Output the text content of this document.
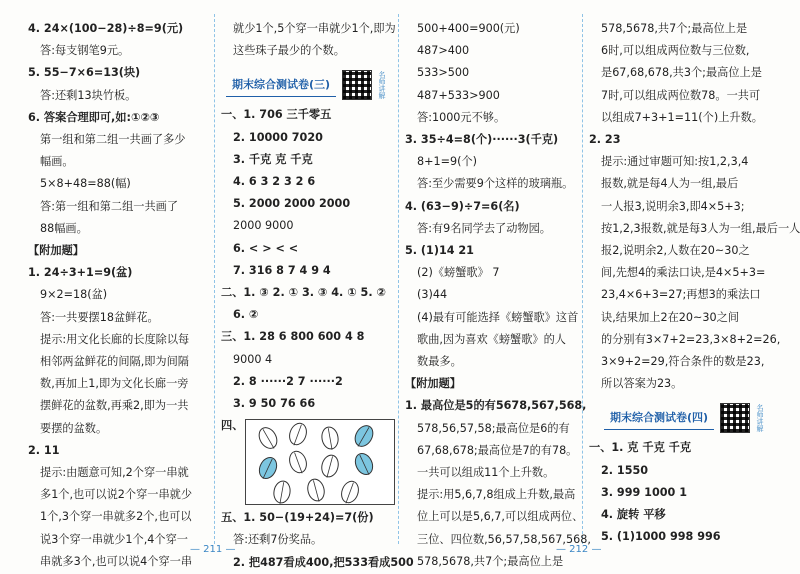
4. 24×(100−28)÷8=9(元)

答:每支钢笔9元。

5. 55−7×6=13(块)

答:还剩13块竹板。

6. 答案合理即可,如:①②③

第一组和第二组一共画了多少

幅画。

5×8+48=88(幅)

答:第一组和第二组一共画了

88幅画。

【附加题】

1. 24÷3+1=9(盆)

9×2=18(盆)

答:一共要摆18盆鲜花。

提示:用文化长廊的长度除以每

相邻两盆鲜花的间隔,即为间隔

数,再加上1,即为文化长廊一旁

摆鲜花的盆数,再乘2,即为一共

要摆的盆数。

2. 11

提示:由题意可知,2个穿一串就

多1个,也可以说2个穿一串就少

1个,3个穿一串就多2个,也可以

说3个穿一串就少1个,4个穿一

串就多3个,也可以说4个穿一串

就少1个,5个穿一串就少1个,即为

这些珠子最少的个数。

期末综合测试卷(三)	名师讲解

一、1. 706 三千零五

2. 10000 7020

3. 千克 克 千克

4. 6 3 2 3 2 6

5. 2000 2000 2000

2000 9000

6. < > < <

7. 316 8 7 4 9 4

二、1. ③ 2. ① 3. ③ 4. ① 5. ②

6. ②

三、1. 28 6 800 600 4 8

9000 4

2. 8 ······2 7 ······2

3. 9 50 76 66

四、

五、1. 50−(19+24)=7(份)

答:还剩7份奖品。

2. 把487看成400,把533看成500

500+400=900(元)

487>400

533>500

487+533>900

答:1000元不够。

3. 35÷4=8(个)······3(千克)

8+1=9(个)

答:至少需要9个这样的玻璃瓶。

4. (63−9)÷7=6(名)

答:有9名同学去了动物园。

5. (1)14 21

(2)《螃蟹歌》 7

(3)44

(4)最有可能选择《螃蟹歌》这首

歌曲,因为喜欢《螃蟹歌》的人

数最多。

【附加题】

1. 最高位是5的有5678,567,568,

578,56,57,58;最高位是6的有

67,68,678;最高位是7的有78。

一共可以组成11个上升数。

提示:用5,6,7,8组成上升数,最高

位上可以是5,6,7,可以组成两位、

三位、四位数,56,57,58,567,568,

578,5678,共7个;最高位上是

578,5678,共7个;最高位上是

6时,可以组成两位数与三位数,

是67,68,678,共3个;最高位上是

7时,可以组成两位数78。一共可

以组成7+3+1=11(个)上升数。

2. 23

提示:通过审题可知:按1,2,3,4

报数,就是每4人为一组,最后

一人报3,说明余3,即4×5+3;

按1,2,3报数,就是每3人为一组,最后一人

报2,说明余2,人数在20~30之

间,先想4的乘法口诀,是4×5+3=

23,4×6+3=27;再想3的乘法口

诀,结果加上2在20~30之间

的分别有3×7+2=23,3×8+2=26,

3×9+2=29,符合条件的数是23,

所以答案为23。

期末综合测试卷(四)	名师讲解

一、1. 克 千克 千克

2. 1550

3. 999 1000 1

4. 旋转 平移

5. (1)1000 998 996

— 211 —	— 212 —
